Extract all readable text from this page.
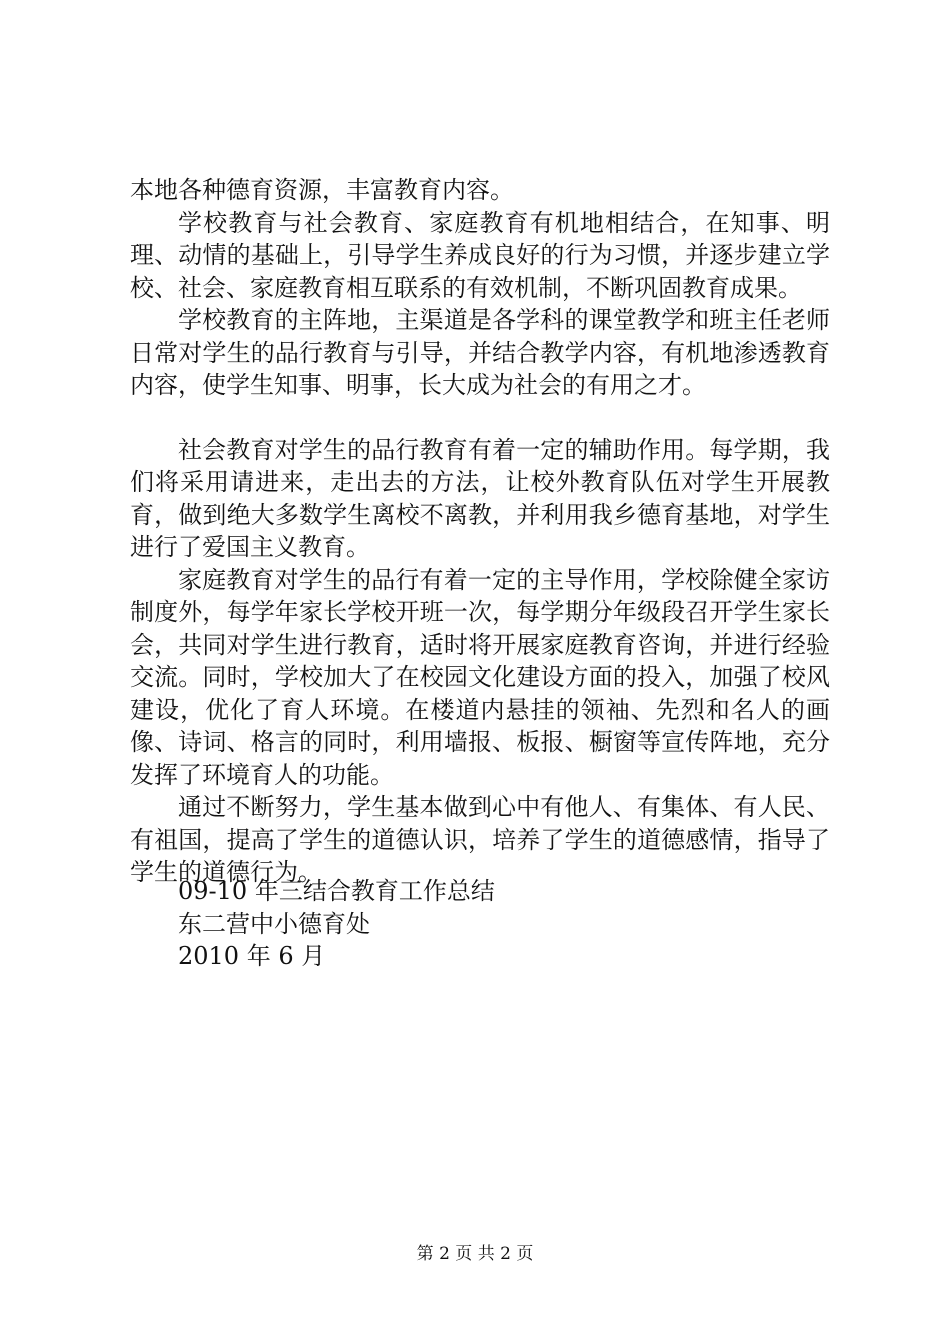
本地各种德育资源，丰富教育内容。

学校教育与社会教育、家庭教育有机地相结合，在知事、明理、动情的基础上，引导学生养成良好的行为习惯，并逐步建立学校、社会、家庭教育相互联系的有效机制，不断巩固教育成果。

学校教育的主阵地，主渠道是各学科的课堂教学和班主任老师日常对学生的品行教育与引导，并结合教学内容，有机地渗透教育内容，使学生知事、明事，长大成为社会的有用之才。

社会教育对学生的品行教育有着一定的辅助作用。每学期，我们将采用请进来，走出去的方法，让校外教育队伍对学生开展教育，做到绝大多数学生离校不离教，并利用我乡德育基地，对学生进行了爱国主义教育。

家庭教育对学生的品行有着一定的主导作用，学校除健全家访制度外，每学年家长学校开班一次，每学期分年级段召开学生家长会，共同对学生进行教育，适时将开展家庭教育咨询，并进行经验交流。同时，学校加大了在校园文化建设方面的投入，加强了校风建设，优化了育人环境。在楼道内悬挂的领袖、先烈和名人的画像、诗词、格言的同时，利用墙报、板报、橱窗等宣传阵地，充分发挥了环境育人的功能。

通过不断努力，学生基本做到心中有他人、有集体、有人民、有祖国，提高了学生的道德认识，培养了学生的道德感情，指导了学生的道德行为。

09-10 年三结合教育工作总结
东二营中小德育处
2010 年 6 月
第 2 页 共 2 页
